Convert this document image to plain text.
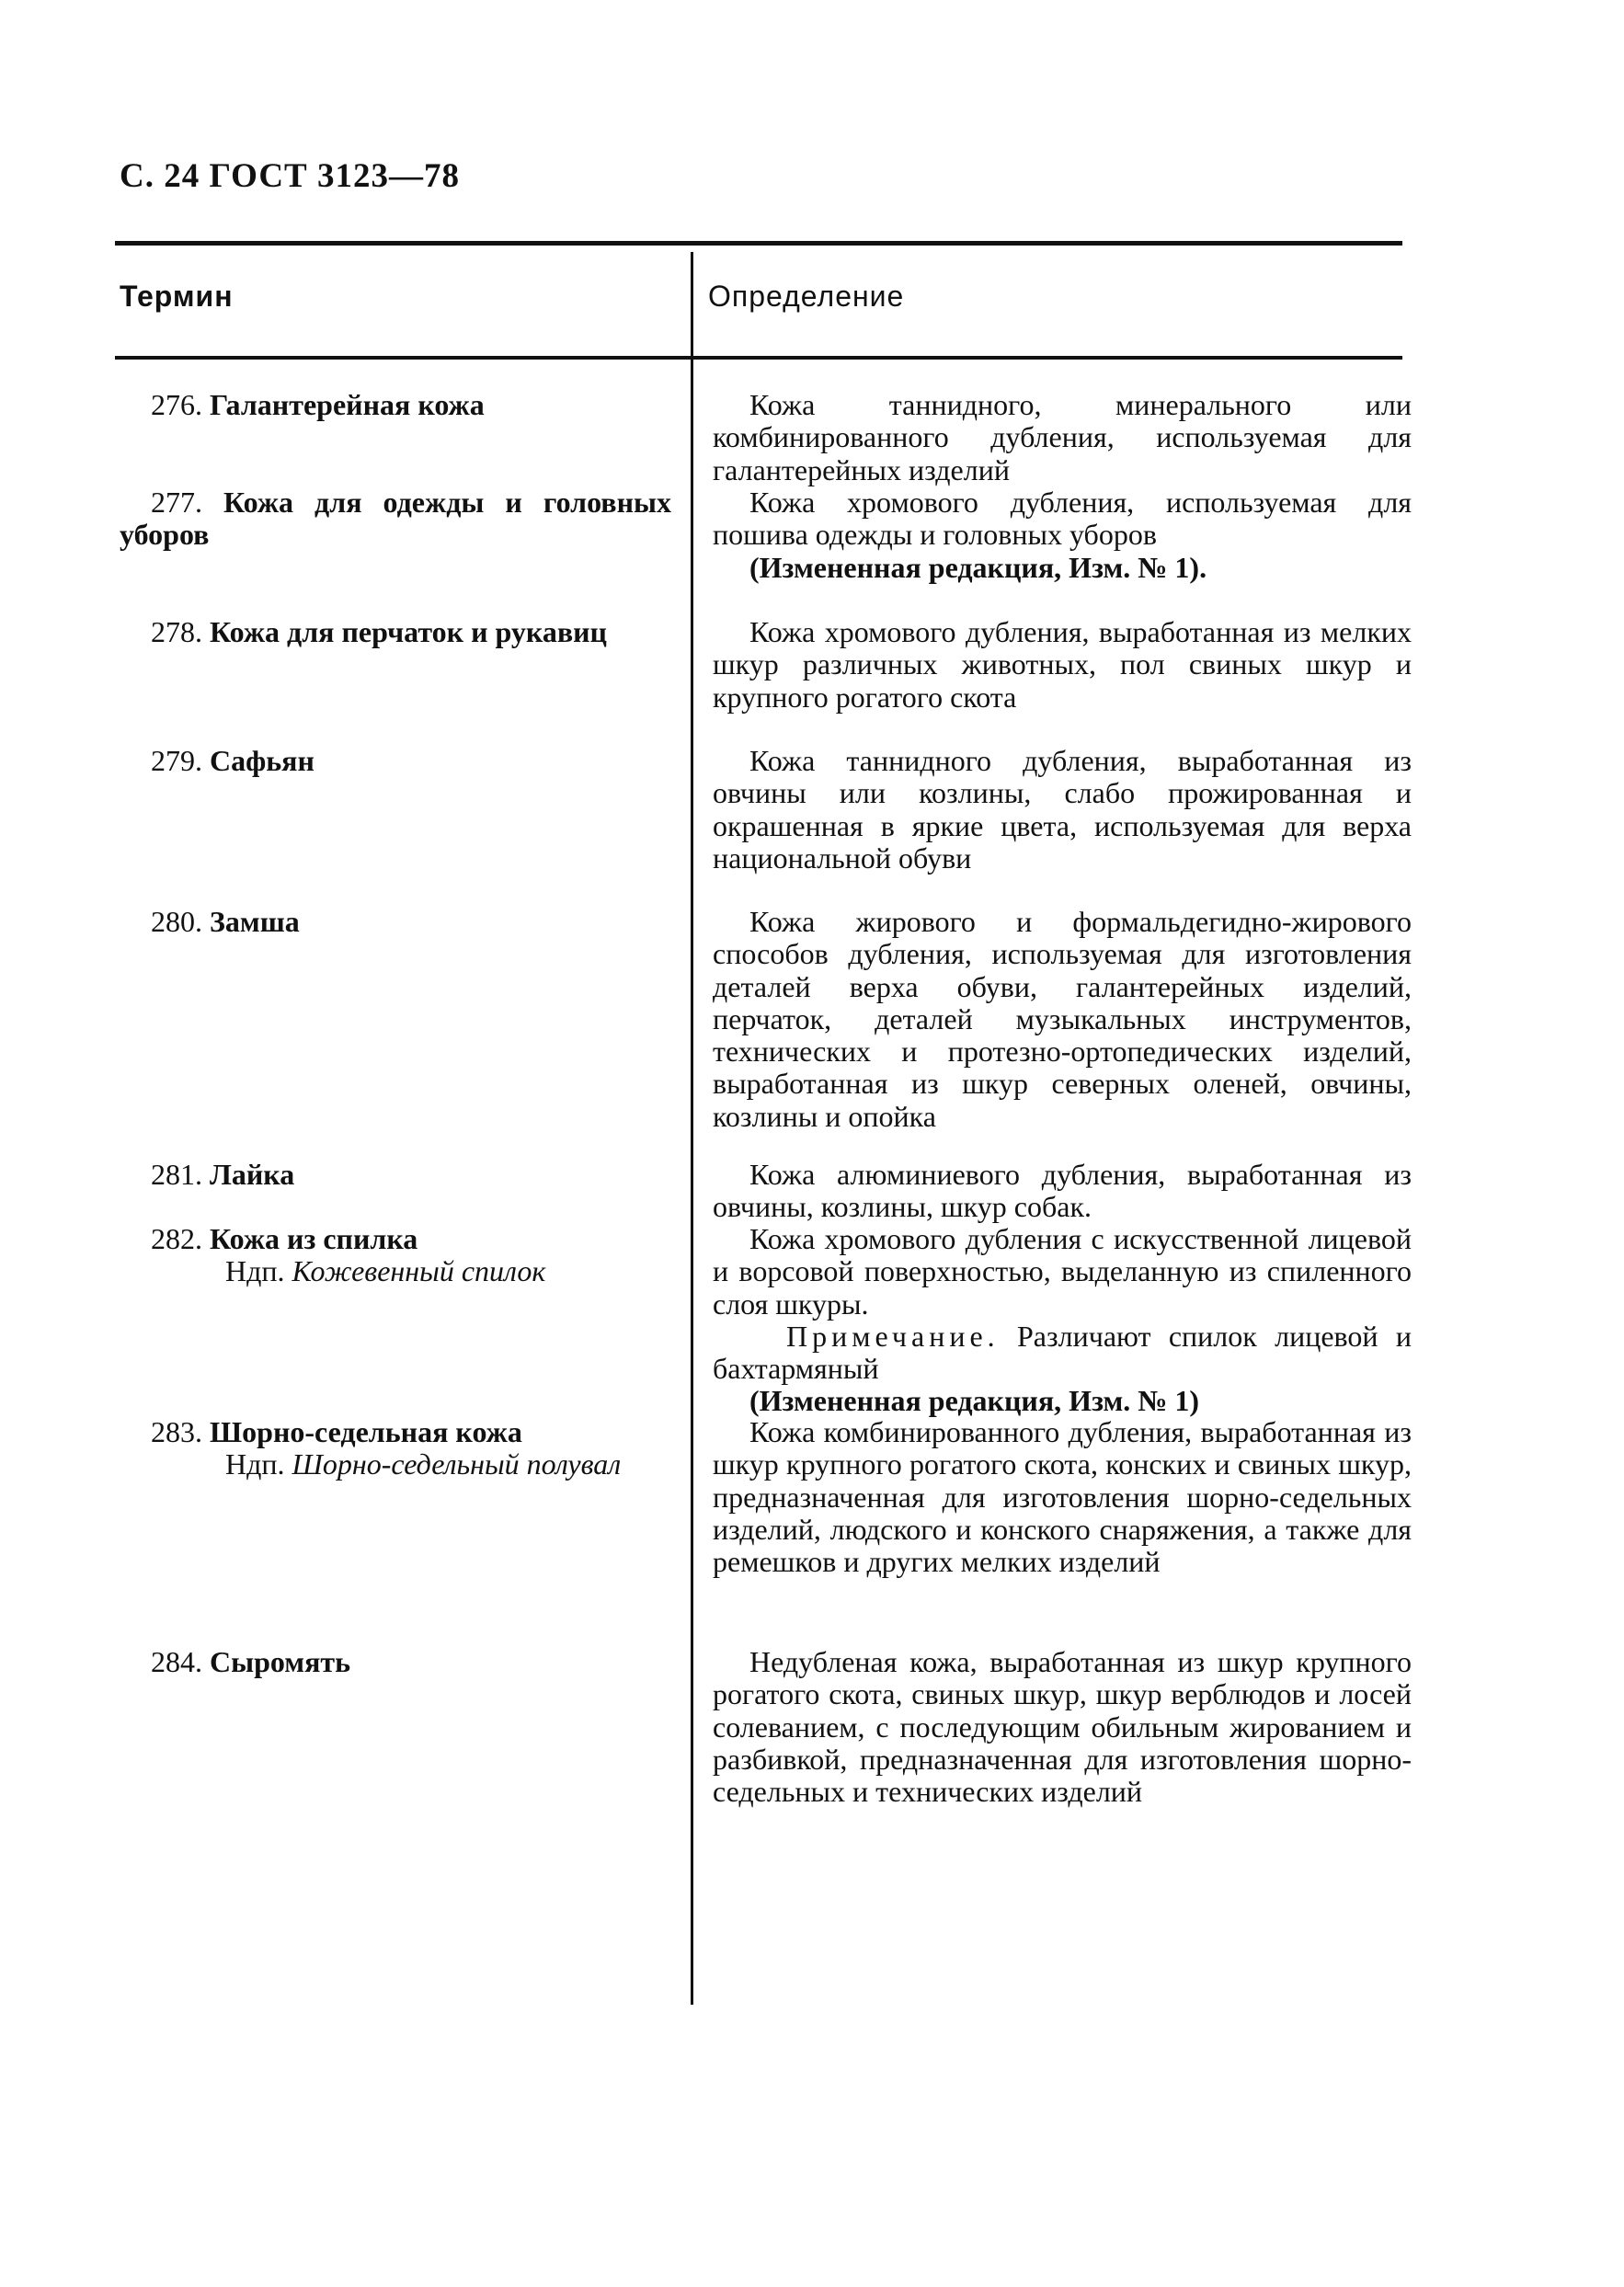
С. 24 ГОСТ 3123—78
Термин	Определение
276. Галантерейная кожа
277. Кожа для одежды и головных уборов
278. Кожа для перчаток и рукавиц
279. Сафьян
280. Замша
281. Лайка
282. Кожа из спилка
Ндп. Кожевенный спилок
283. Шорно-седельная кожа
Ндп. Шорно-седельный полувал
284. Сыромять
Кожа таннидного, минерального или комбинированного дубления, используемая для галантерейных изделий
Кожа хромового дубления, используемая для пошива одежды и головных уборов
(Измененная редакция, Изм. № 1).
Кожа хромового дубления, выработанная из мелких шкур различных животных, пол свиных шкур и крупного рогатого скота
Кожа таннидного дубления, выработанная из овчины или козлины, слабо прожированная и окрашенная в яркие цвета, используемая для верха национальной обуви
Кожа жирового и формальдегидно-жирового способов дубления, используемая для изготовления деталей верха обуви, галантерейных изделий, перчаток, деталей музыкальных инструментов, технических и протезно-ортопедических изделий, выработанная из шкур северных оленей, овчины, козлины и опойка
Кожа алюминиевого дубления, выработанная из овчины, козлины, шкур собак.
Кожа хромового дубления с искусственной лицевой и ворсовой поверхностью, выделанную из спиленного слоя шкуры.
Примечание. Различают спилок лицевой и бахтармяный
(Измененная редакция, Изм. № 1)
Кожа комбинированного дубления, выработанная из шкур крупного рогатого скота, конских и свиных шкур, предназначенная для изготовления шорно-седельных изделий, людского и конского снаряжения, а также для ремешков и других мелких изделий
Недубленая кожа, выработанная из шкур крупного рогатого скота, свиных шкур, шкур верблюдов и лосей солеванием, с последующим обильным жированием и разбивкой, предназначенная для изготовления шорно-седельных и технических изделий
